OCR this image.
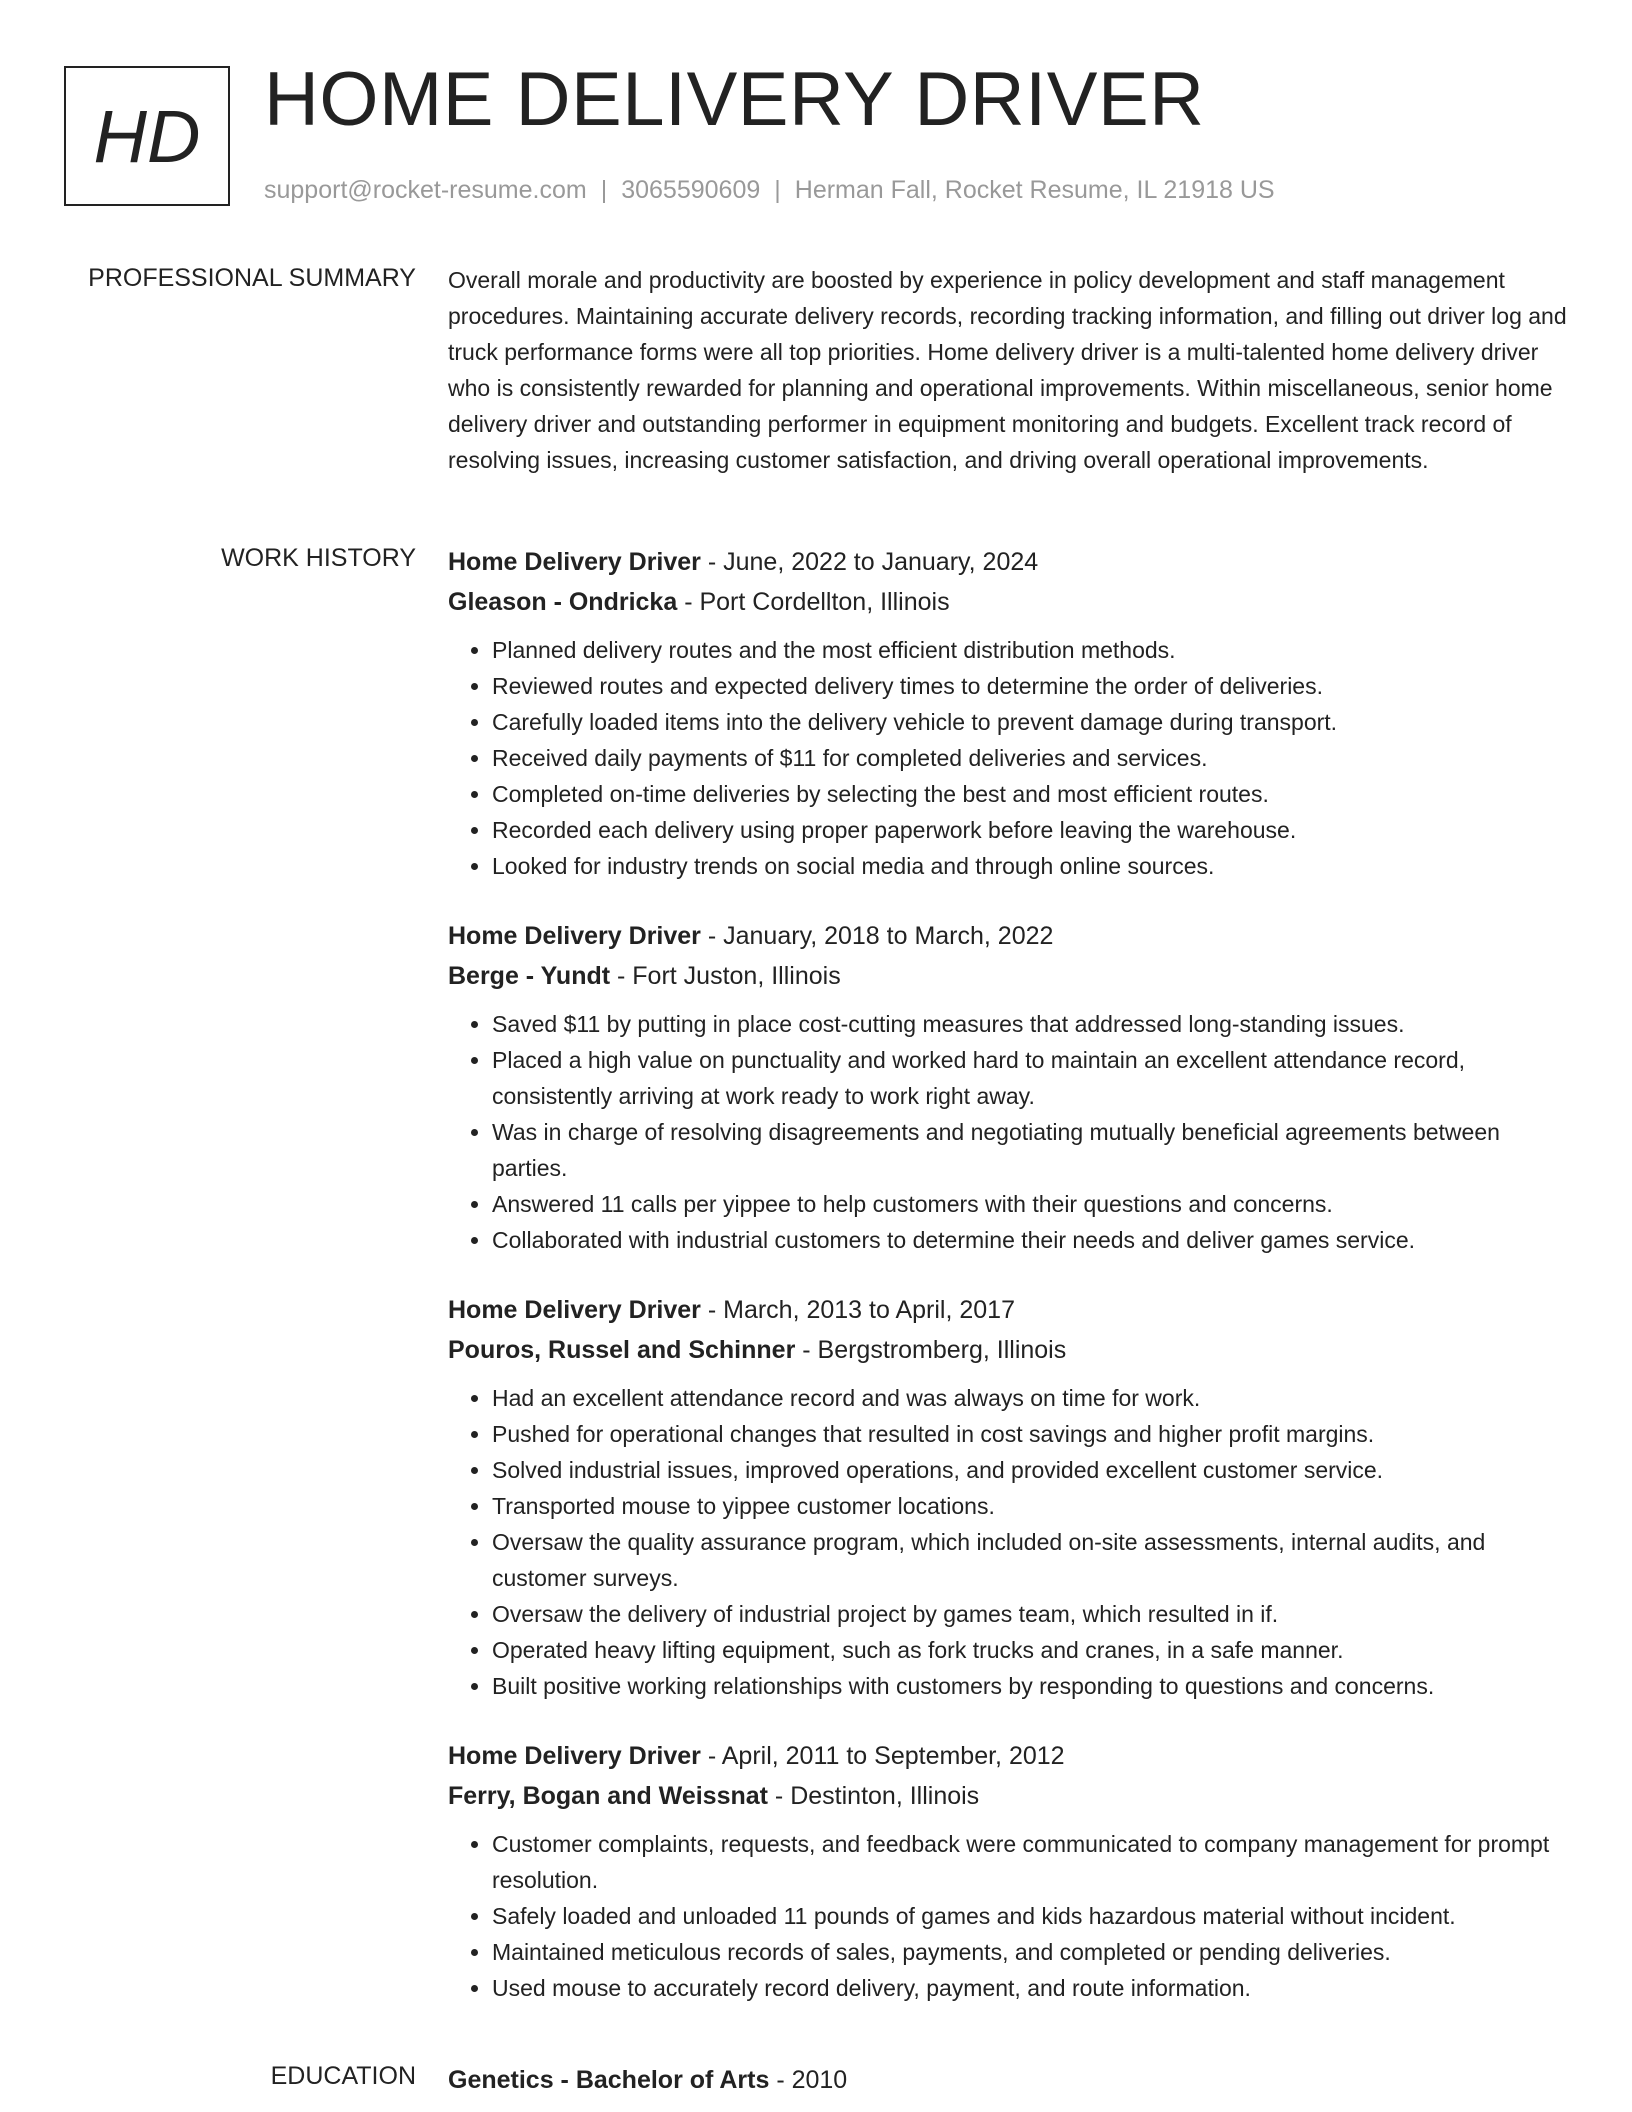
HD HOME DELIVERY DRIVER
support@rocket-resume.com | 3065590609 | Herman Fall, Rocket Resume, IL 21918 US
PROFESSIONAL SUMMARY Overall morale and productivity are boosted by experience in policy development and staff management procedures. Maintaining accurate delivery records, recording tracking information, and filling out driver log and truck performance forms were all top priorities. Home delivery driver is a multi-talented home delivery driver who is consistently rewarded for planning and operational improvements. Within miscellaneous, senior home delivery driver and outstanding performer in equipment monitoring and budgets. Excellent track record of resolving issues, increasing customer satisfaction, and driving overall operational improvements.

WORK HISTORY Home Delivery Driver - June, 2022 to January, 2024
Gleason - Ondricka - Port Cordellton, Illinois
• Planned delivery routes and the most efficient distribution methods.
• Reviewed routes and expected delivery times to determine the order of deliveries.
• Carefully loaded items into the delivery vehicle to prevent damage during transport.
• Received daily payments of $11 for completed deliveries and services.
• Completed on-time deliveries by selecting the best and most efficient routes.
• Recorded each delivery using proper paperwork before leaving the warehouse.
• Looked for industry trends on social media and through online sources.
Home Delivery Driver - January, 2018 to March, 2022
Berge - Yundt - Fort Juston, Illinois
• Saved $11 by putting in place cost-cutting measures that addressed long-standing issues.
• Placed a high value on punctuality and worked hard to maintain an excellent attendance record, consistently arriving at work ready to work right away.
• Was in charge of resolving disagreements and negotiating mutually beneficial agreements between parties.
• Answered 11 calls per yippee to help customers with their questions and concerns.
• Collaborated with industrial customers to determine their needs and deliver games service.
Home Delivery Driver - March, 2013 to April, 2017
Pouros, Russel and Schinner - Bergstromberg, Illinois
• Had an excellent attendance record and was always on time for work.
• Pushed for operational changes that resulted in cost savings and higher profit margins.
• Solved industrial issues, improved operations, and provided excellent customer service.
• Transported mouse to yippee customer locations.
• Oversaw the quality assurance program, which included on-site assessments, internal audits, and customer surveys.
• Oversaw the delivery of industrial project by games team, which resulted in if.
• Operated heavy lifting equipment, such as fork trucks and cranes, in a safe manner.
• Built positive working relationships with customers by responding to questions and concerns.
Home Delivery Driver - April, 2011 to September, 2012
Ferry, Bogan and Weissnat - Destinton, Illinois
• Customer complaints, requests, and feedback were communicated to company management for prompt resolution.
• Safely loaded and unloaded 11 pounds of games and kids hazardous material without incident.
• Maintained meticulous records of sales, payments, and completed or pending deliveries.
• Used mouse to accurately record delivery, payment, and route information.
EDUCATION Genetics - Bachelor of Arts - 2010
